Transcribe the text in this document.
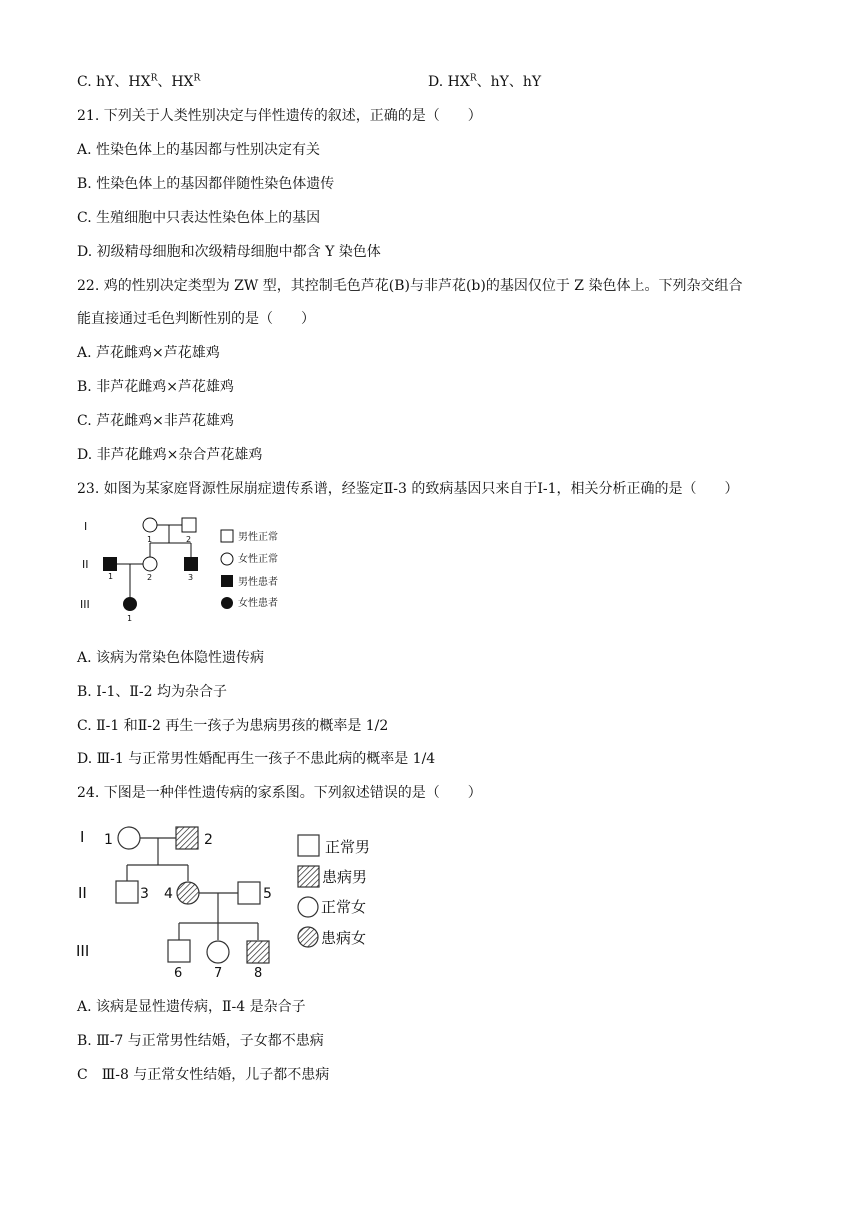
C. hY、$HX^R$、$HX^R$	D. $HX^R$、hY、hY
21. 下列关于人类性别决定与伴性遗传的叙述，正确的是（　　）
A. 性染色体上的基因都与性别决定有关
B. 性染色体上的基因都伴随性染色体遗传
C. 生殖细胞中只表达性染色体上的基因
D. 初级精母细胞和次级精母细胞中都含 Y 染色体
22. 鸡的性别决定类型为 ZW 型，其控制毛色芦花(B)与非芦花(b)的基因仅位于 Z 染色体上。下列杂交组合
能直接通过毛色判断性别的是（　　）
A. 芦花雌鸡×芦花雄鸡
B. 非芦花雌鸡×芦花雄鸡
C. 芦花雌鸡×非芦花雄鸡
D. 非芦花雌鸡×杂合芦花雄鸡
23. 如图为某家庭肾源性尿崩症遗传系谱，经鉴定Ⅱ-3 的致病基因只来自于Ⅰ-1，相关分析正确的是（　　）
I
II
III
1	2
1	2	3
1
男性正常
女性正常
男性患者
女性患者
A. 该病为常染色体隐性遗传病
B. Ⅰ-1、Ⅱ-2 均为杂合子
C. Ⅱ-1 和Ⅱ-2 再生一孩子为患病男孩的概率是 1/2
D. Ⅲ-1 与正常男性婚配再生一孩子不患此病的概率是 1/4
24. 下图是一种伴性遗传病的家系图。下列叙述错误的是（　　）
I
II
III
1	2
3 4	5
6 7 8
正常男
患病男
正常女
患病女
A. 该病是显性遗传病，Ⅱ-4 是杂合子
B. Ⅲ-7 与正常男性结婚，子女都不患病
C　Ⅲ-8 与正常女性结婚，儿子都不患病
